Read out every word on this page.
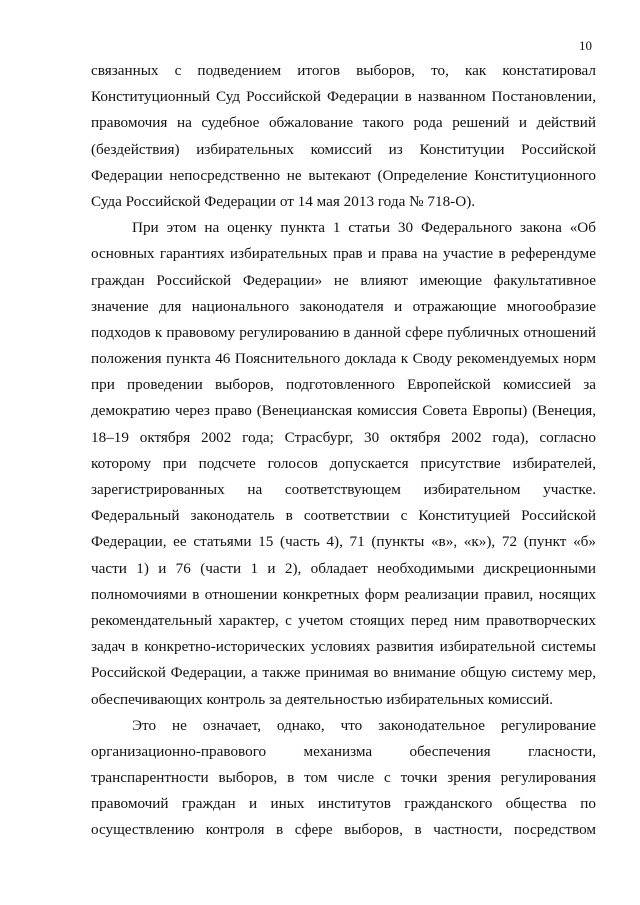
10
связанных с подведением итогов выборов, то, как констатировал
Конституционный Суд Российской Федерации в названном Постановлении,
правомочия на судебное обжалование такого рода решений и действий
(бездействия) избирательных комиссий из Конституции Российской
Федерации непосредственно не вытекают (Определение Конституционного
Суда Российской Федерации от 14 мая 2013 года № 718-О).
При этом на оценку пункта 1 статьи 30 Федерального закона «Об
основных гарантиях избирательных прав и права на участие в референдуме
граждан Российской Федерации» не влияют имеющие факультативное
значение для национального законодателя и отражающие многообразие
подходов к правовому регулированию в данной сфере публичных отношений
положения пункта 46 Пояснительного доклада к Своду рекомендуемых норм
при проведении выборов, подготовленного Европейской комиссией за
демократию через право (Венецианская комиссия Совета Европы) (Венеция,
18–19 октября 2002 года; Страсбург, 30 октября 2002 года), согласно
которому при подсчете голосов допускается присутствие избирателей,
зарегистрированных на соответствующем избирательном участке.
Федеральный законодатель в соответствии с Конституцией Российской
Федерации, ее статьями 15 (часть 4), 71 (пункты «в», «к»), 72 (пункт «б»
части 1) и 76 (части 1 и 2), обладает необходимыми дискреционными
полномочиями в отношении конкретных форм реализации правил, носящих
рекомендательный характер, с учетом стоящих перед ним правотворческих
задач в конкретно-исторических условиях развития избирательной системы
Российской Федерации, а также принимая во внимание общую систему мер,
обеспечивающих контроль за деятельностью избирательных комиссий.
Это не означает, однако, что законодательное регулирование
организационно-правового механизма обеспечения гласности,
транспарентности выборов, в том числе с точки зрения регулирования
правомочий граждан и иных институтов гражданского общества по
осуществлению контроля в сфере выборов, в частности, посредством
